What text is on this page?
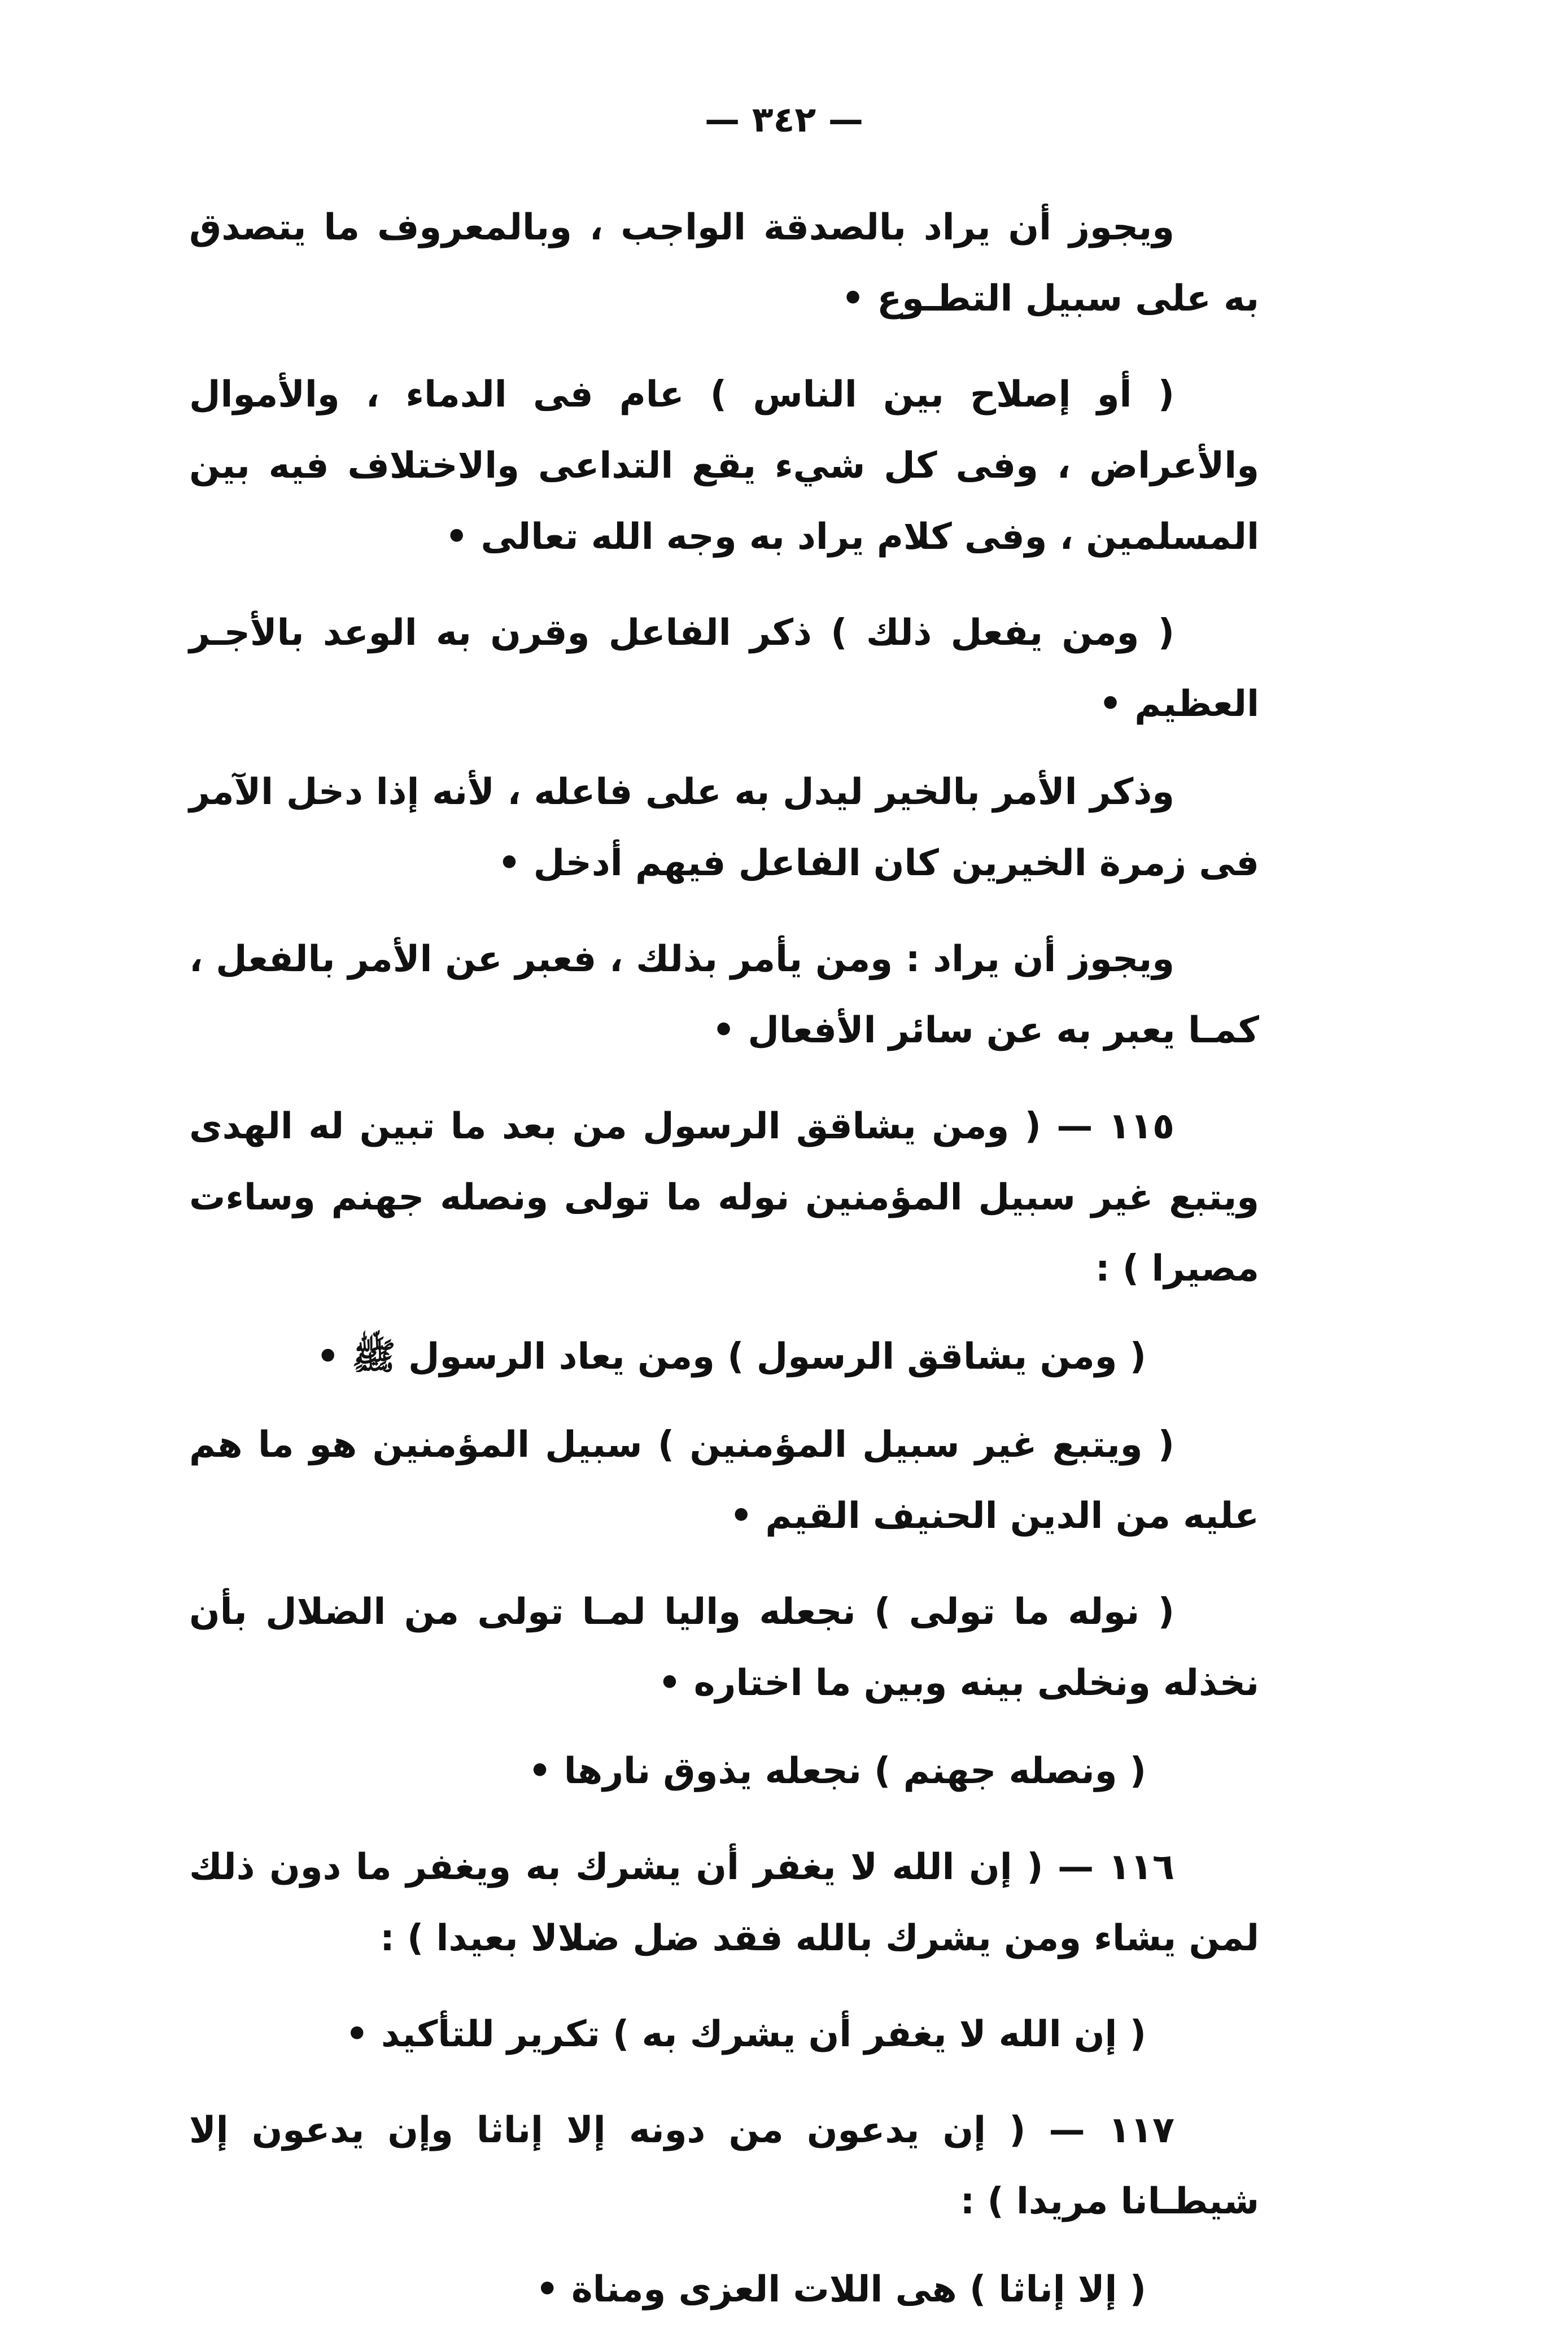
— ٣٤٢ —

ويجوز أن يراد بالصدقة الواجب ، وبالمعروف ما يتصدق به على سبيل التطـوع •

( أو إصلاح بين الناس ) عام فى الدماء ، والأموال والأعراض ، وفى كل شيء يقع التداعى والاختلاف فيه بين المسلمين ، وفى كلام يراد به وجه الله تعالى •

( ومن يفعل ذلك ) ذكر الفاعل وقرن به الوعد بالأجـر العظيم •

وذكر الأمر بالخير ليدل به على فاعله ، لأنه إذا دخل الآمر فى زمرة الخيرين كان الفاعل فيهم أدخل •

ويجوز أن يراد : ومن يأمر بذلك ، فعبر عن الأمر بالفعل ، كمـا يعبر به عن سائر الأفعال •

١١٥ — ( ومن يشاقق الرسول من بعد ما تبين له الهدى ويتبع غير سبيل المؤمنين نوله ما تولى ونصله جهنم وساءت مصيرا ) :

( ومن يشاقق الرسول ) ومن يعاد الرسول ﷺ •

( ويتبع غير سبيل المؤمنين ) سبيل المؤمنين هو ما هم عليه من الدين الحنيف القيم •

( نوله ما تولى ) نجعله واليا لمـا تولى من الضلال بأن نخذله ونخلى بينه وبين ما اختاره •

( ونصله جهنم ) نجعله يذوق نارها •

١١٦ — ( إن الله لا يغفر أن يشرك به ويغفر ما دون ذلك لمن يشاء ومن يشرك بالله فقد ضل ضلالا بعيدا ) :

( إن الله لا يغفر أن يشرك به ) تكرير للتأكيد •

١١٧ — ( إن يدعون من دونه إلا إناثا وإن يدعون إلا شيطـانا مريدا ) :

( إلا إناثا ) هى اللات العزى ومناة •
